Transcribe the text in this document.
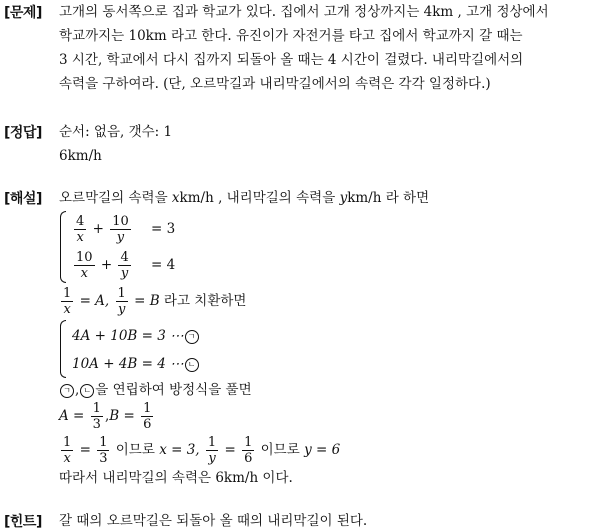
[문제] 고개의 동서쪽으로 집과 학교가 있다. 집에서 고개 정상까지는 4km , 고개 정상에서
학교까지는 10km 라고 한다. 유진이가 자전거를 타고 집에서 학교까지 갈 때는
3 시간, 학교에서 다시 집까지 되돌아 올 때는 4 시간이 걸렸다. 내리막길에서의
속력을 구하여라. (단, 오르막길과 내리막길에서의 속력은 각각 일정하다.)
[정답] 순서: 없음, 갯수: 1
6km/h
[해설] 오르막길의 속력을 xkm/h , 내리막길의 속력을 ykm/h 라 하면
$\frac{4}{x} + \frac{10}{y} = 3$
$\frac{10}{x} + \frac{4}{y} = 4$
$\frac{1}{x} = A$, $\frac{1}{y} = B$ 라고 치환하면
4A + 10B = 3 ⋯ ㄱ
10A + 4B = 4 ⋯ ㄴ
ㄱ , ㄴ 을 연립하여 방정식을 풀면
$A = \frac{1}{3} ,B = \frac{1}{6}$
$\frac{1}{x} = \frac{1}{3}$ 이므로 x = 3, $\frac{1}{y} = \frac{1}{6}$ 이므로 y = 6
따라서 내리막길의 속력은 6km/h 이다.
[힌트] 갈 때의 오르막길은 되돌아 올 때의 내리막길이 된다.
